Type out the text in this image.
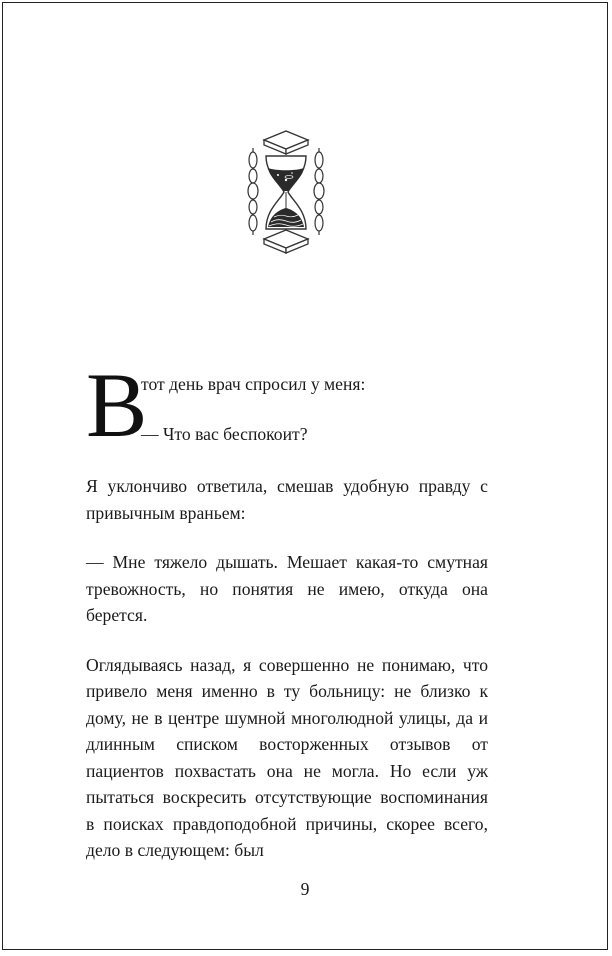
В
тот день врач спросил у меня:
— Что вас беспокоит?

Я уклончиво ответила, смешав удобную правду с привычным враньем:

— Мне тяжело дышать. Мешает какая-то смутная тревожность, но понятия не имею, откуда она берется.

Оглядываясь назад, я совершенно не понимаю, что привело меня именно в ту больницу: не близко к дому, не в центре шумной многолюдной улицы, да и длинным списком восторженных отзывов от пациентов похвастать она не могла. Но если уж пытаться воскресить отсутствующие воспоминания в поисках правдоподобной причины, скорее всего, дело в следующем: был

9
